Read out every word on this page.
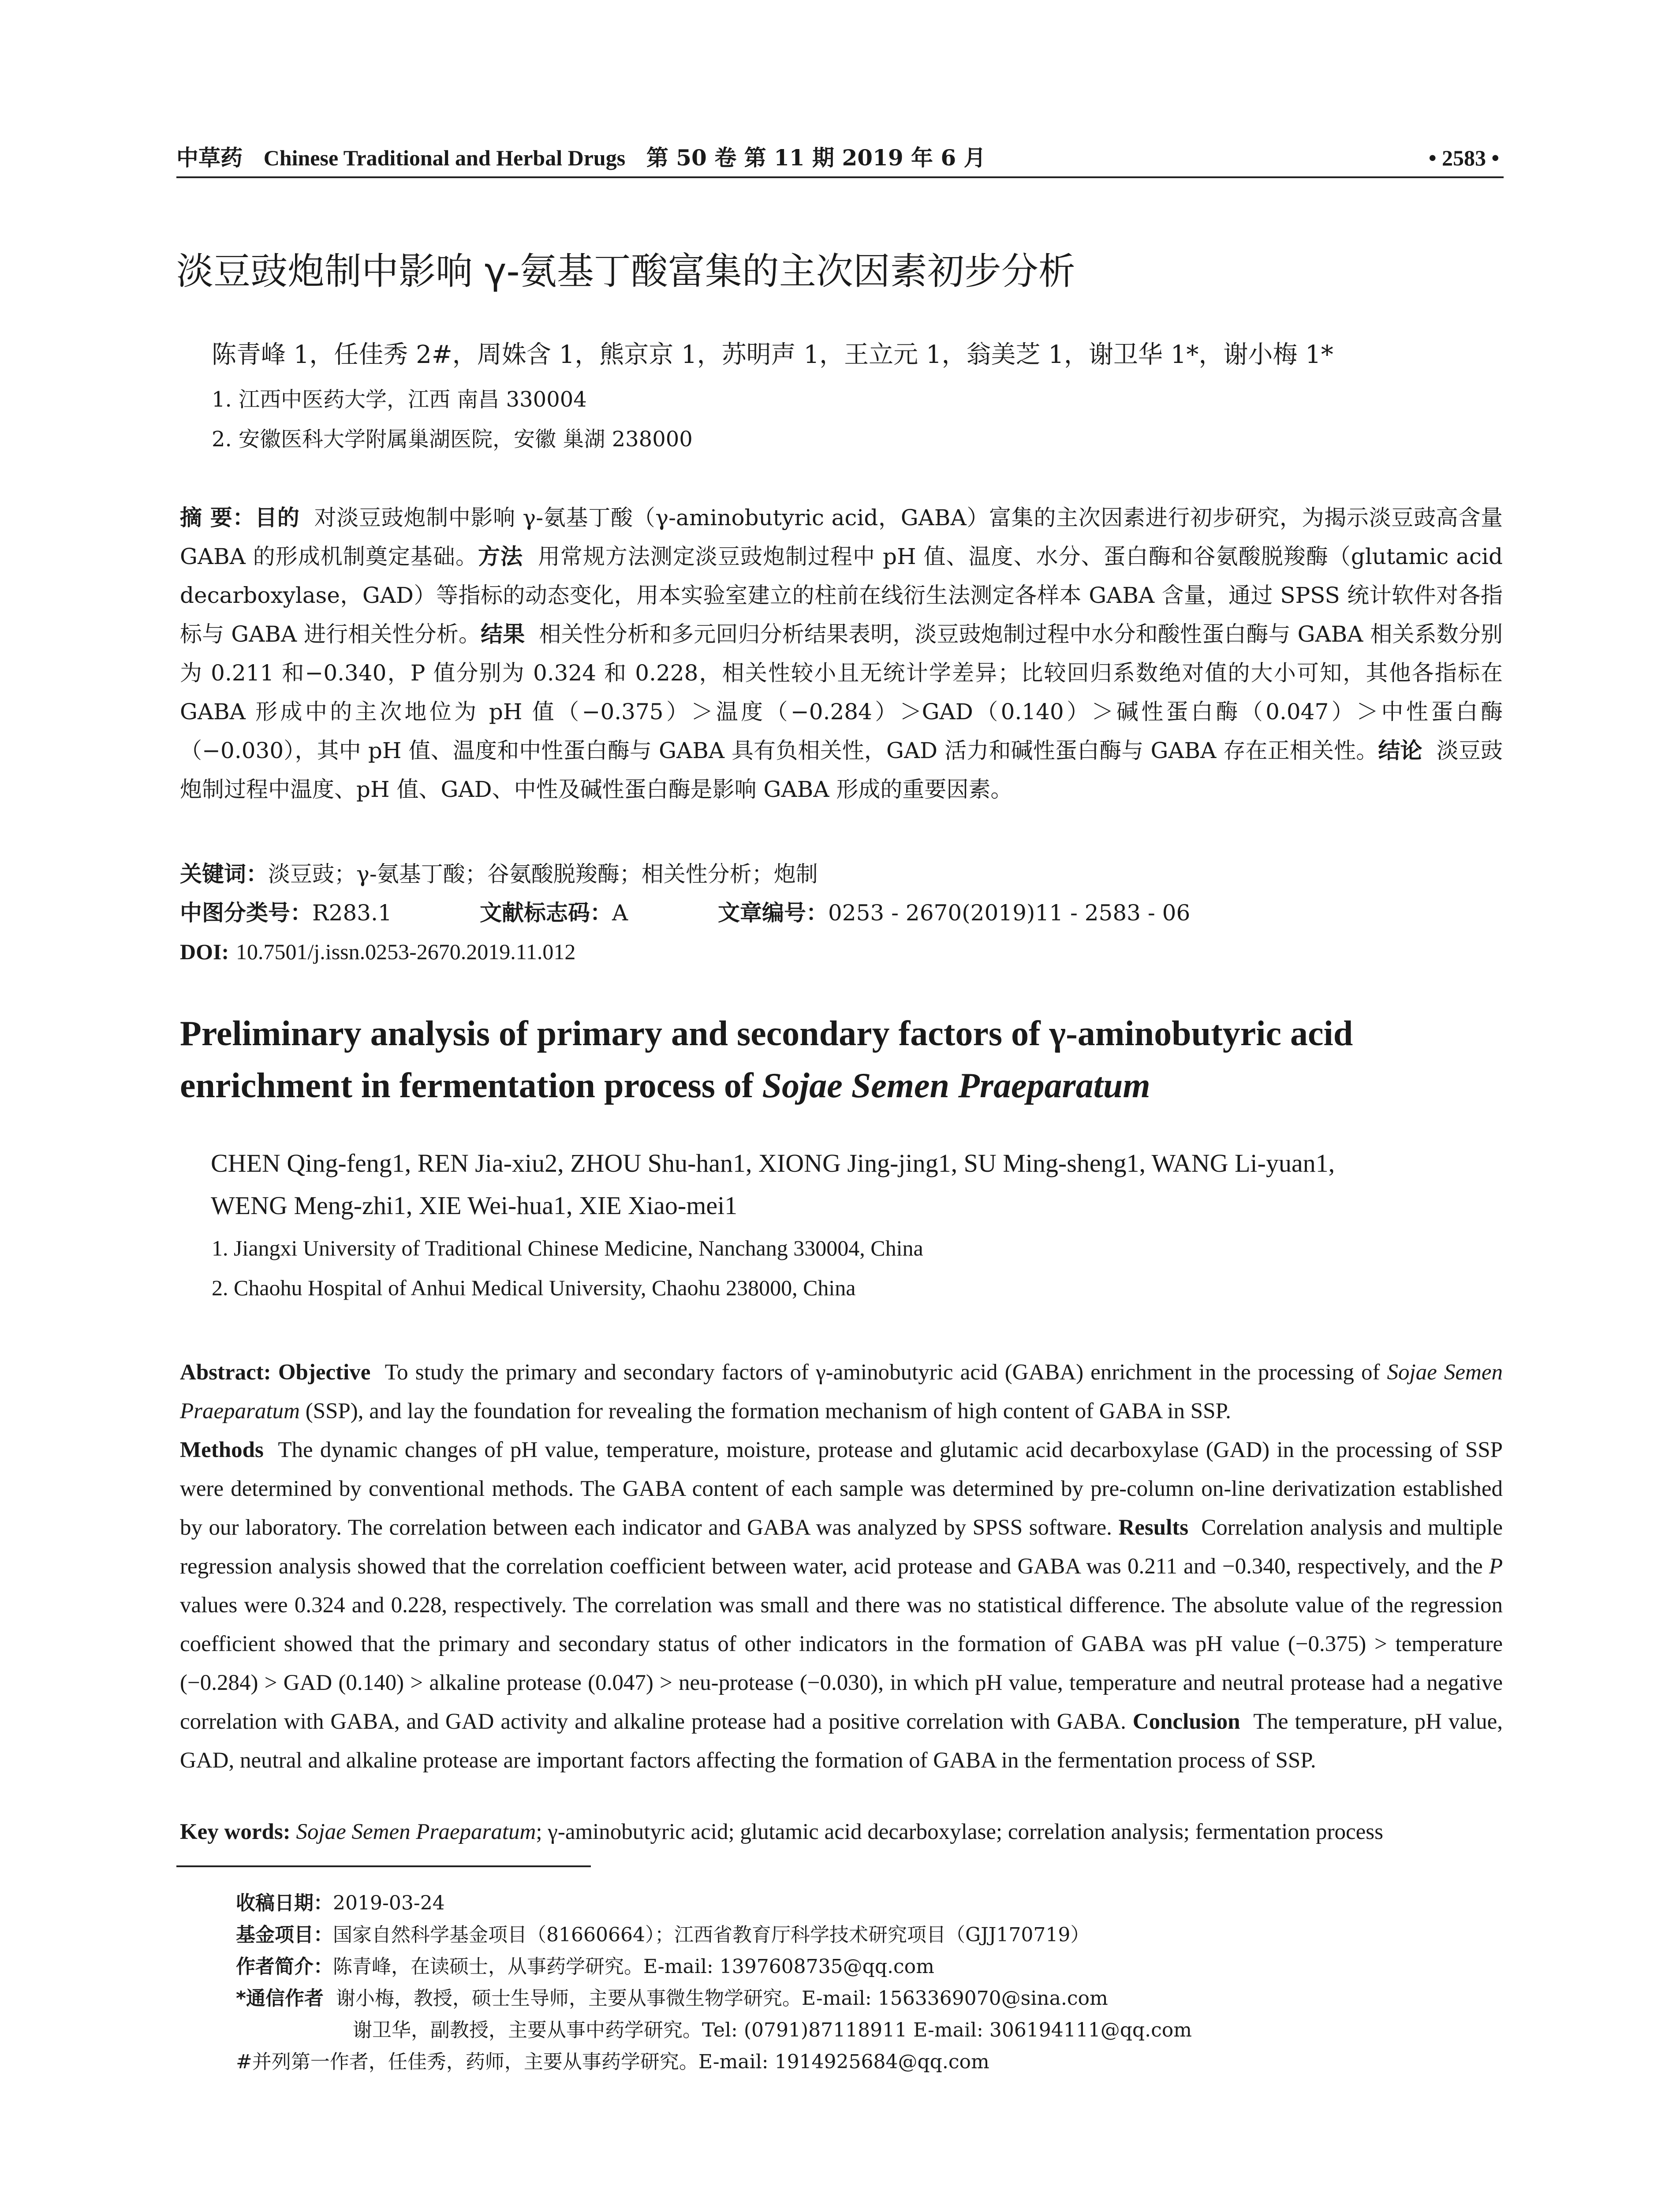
中草药 Chinese Traditional and Herbal Drugs 第 50 卷 第 11 期 2019 年 6 月	• 2583 •
淡豆豉炮制中影响 γ-氨基丁酸富集的主次因素初步分析
陈青峰 1，任佳秀 2#，周姝含 1，熊京京 1，苏明声 1，王立元 1，翁美芝 1，谢卫华 1*，谢小梅 1*
1. 江西中医药大学，江西 南昌 330004
2. 安徽医科大学附属巢湖医院，安徽 巢湖 238000
摘 要：目的 对淡豆豉炮制中影响 γ-氨基丁酸（γ-aminobutyric acid，GABA）富集的主次因素进行初步研究，为揭示淡豆豉高含量 GABA 的形成机制奠定基础。方法 用常规方法测定淡豆豉炮制过程中 pH 值、温度、水分、蛋白酶和谷氨酸脱羧酶（glutamic acid decarboxylase，GAD）等指标的动态变化，用本实验室建立的柱前在线衍生法测定各样本 GABA 含量，通过 SPSS 统计软件对各指标与 GABA 进行相关性分析。结果 相关性分析和多元回归分析结果表明，淡豆豉炮制过程中水分和酸性蛋白酶与 GABA 相关系数分别为 0.211 和−0.340，P 值分别为 0.324 和 0.228，相关性较小且无统计学差异；比较回归系数绝对值的大小可知，其他各指标在 GABA 形成中的主次地位为 pH 值（−0.375）＞温度（−0.284）＞GAD（0.140）＞碱性蛋白酶（0.047）＞中性蛋白酶（−0.030），其中 pH 值、温度和中性蛋白酶与 GABA 具有负相关性，GAD 活力和碱性蛋白酶与 GABA 存在正相关性。结论 淡豆豉炮制过程中温度、pH 值、GAD、中性及碱性蛋白酶是影响 GABA 形成的重要因素。
关键词：淡豆豉；γ-氨基丁酸；谷氨酸脱羧酶；相关性分析；炮制
中图分类号：R283.1	文献标志码：A	文章编号：0253 - 2670(2019)11 - 2583 - 06
DOI: 10.7501/j.issn.0253-2670.2019.11.012
Preliminary analysis of primary and secondary factors of γ-aminobutyric acid enrichment in fermentation process of Sojae Semen Praeparatum
CHEN Qing-feng1, REN Jia-xiu2, ZHOU Shu-han1, XIONG Jing-jing1, SU Ming-sheng1, WANG Li-yuan1,
WENG Meng-zhi1, XIE Wei-hua1, XIE Xiao-mei1
1. Jiangxi University of Traditional Chinese Medicine, Nanchang 330004, China
2. Chaohu Hospital of Anhui Medical University, Chaohu 238000, China
Abstract: Objective To study the primary and secondary factors of γ-aminobutyric acid (GABA) enrichment in the processing of Sojae Semen Praeparatum (SSP), and lay the foundation for revealing the formation mechanism of high content of GABA in SSP.
Methods The dynamic changes of pH value, temperature, moisture, protease and glutamic acid decarboxylase (GAD) in the processing of SSP were determined by conventional methods. The GABA content of each sample was determined by pre-column on-line derivatization established by our laboratory. The correlation between each indicator and GABA was analyzed by SPSS software. Results Correlation analysis and multiple regression analysis showed that the correlation coefficient between water, acid protease and GABA was 0.211 and −0.340, respectively, and the P values were 0.324 and 0.228, respectively. The correlation was small and there was no statistical difference. The absolute value of the regression coefficient showed that the primary and secondary status of other indicators in the formation of GABA was pH value (−0.375) > temperature (−0.284) > GAD (0.140) > alkaline protease (0.047) > neu-protease (−0.030), in which pH value, temperature and neutral protease had a negative correlation with GABA, and GAD activity and alkaline protease had a positive correlation with GABA. Conclusion The temperature, pH value, GAD, neutral and alkaline protease are important factors affecting the formation of GABA in the fermentation process of SSP.
Key words: Sojae Semen Praeparatum; γ-aminobutyric acid; glutamic acid decarboxylase; correlation analysis; fermentation process
收稿日期：2019-03-24
基金项目：国家自然科学基金项目（81660664）；江西省教育厅科学技术研究项目（GJJ170719）
作者简介：陈青峰，在读硕士，从事药学研究。E-mail: 1397608735@qq.com
*通信作者 谢小梅，教授，硕士生导师，主要从事微生物学研究。E-mail: 1563369070@sina.com
谢卫华，副教授，主要从事中药学研究。Tel: (0791)87118911 E-mail: 306194111@qq.com
#并列第一作者，任佳秀，药师，主要从事药学研究。E-mail: 1914925684@qq.com
